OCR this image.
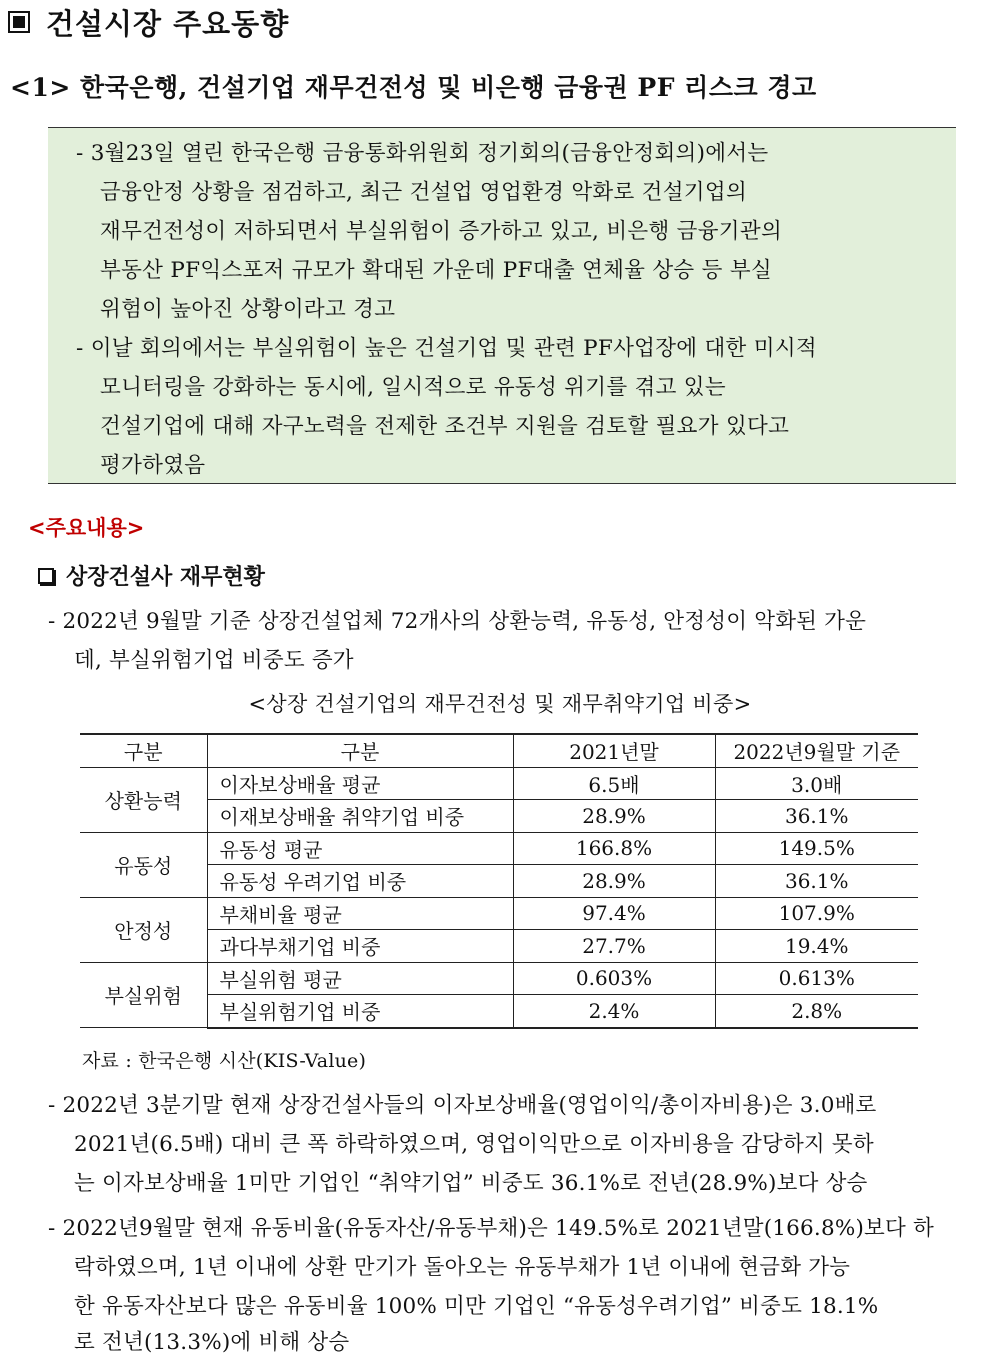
건설시장 주요동향
<1> 한국은행, 건설기업 재무건전성 및 비은행 금융권 PF 리스크 경고
- 3월23일 열린 한국은행 금융통화위원회 정기회의(금융안정회의)에서는
금융안정 상황을 점검하고, 최근 건설업 영업환경 악화로 건설기업의
재무건전성이 저하되면서 부실위험이 증가하고 있고, 비은행 금융기관의
부동산 PF익스포저 규모가 확대된 가운데 PF대출 연체율 상승 등 부실
위험이 높아진 상황이라고 경고
- 이날 회의에서는 부실위험이 높은 건설기업 및 관련 PF사업장에 대한 미시적
모니터링을 강화하는 동시에, 일시적으로 유동성 위기를 겪고 있는
건설기업에 대해 자구노력을 전제한 조건부 지원을 검토할 필요가 있다고
평가하였음
<주요내용>
상장건설사 재무현황
- 2022년 9월말 기준 상장건설업체 72개사의 상환능력, 유동성, 안정성이 악화된 가운
데, 부실위험기업 비중도 증가
<상장 건설기업의 재무건전성 및 재무취약기업 비중>
구분	구분	2021년말	2022년9월말 기준
상환능력	이자보상배율 평균	6.5배	3.0배
	이재보상배율 취약기업 비중	28.9%	36.1%
유동성	유동성 평균	166.8%	149.5%
	유동성 우려기업 비중	28.9%	36.1%
안정성	부채비율 평균	97.4%	107.9%
	과다부채기업 비중	27.7%	19.4%
부실위험	부실위험 평균	0.603%	0.613%
	부실위험기업 비중	2.4%	2.8%
자료 : 한국은행 시산(KIS-Value)
- 2022년 3분기말 현재 상장건설사들의 이자보상배율(영업이익/총이자비용)은 3.0배로
2021년(6.5배) 대비 큰 폭 하락하였으며, 영업이익만으로 이자비용을 감당하지 못하
는 이자보상배율 1미만 기업인 “취약기업” 비중도 36.1%로 전년(28.9%)보다 상승
- 2022년9월말 현재 유동비율(유동자산/유동부채)은 149.5%로 2021년말(166.8%)보다 하
락하였으며, 1년 이내에 상환 만기가 돌아오는 유동부채가 1년 이내에 현금화 가능
한 유동자산보다 많은 유동비율 100% 미만 기업인 “유동성우려기업” 비중도 18.1%
로 전년(13.3%)에 비해 상승
